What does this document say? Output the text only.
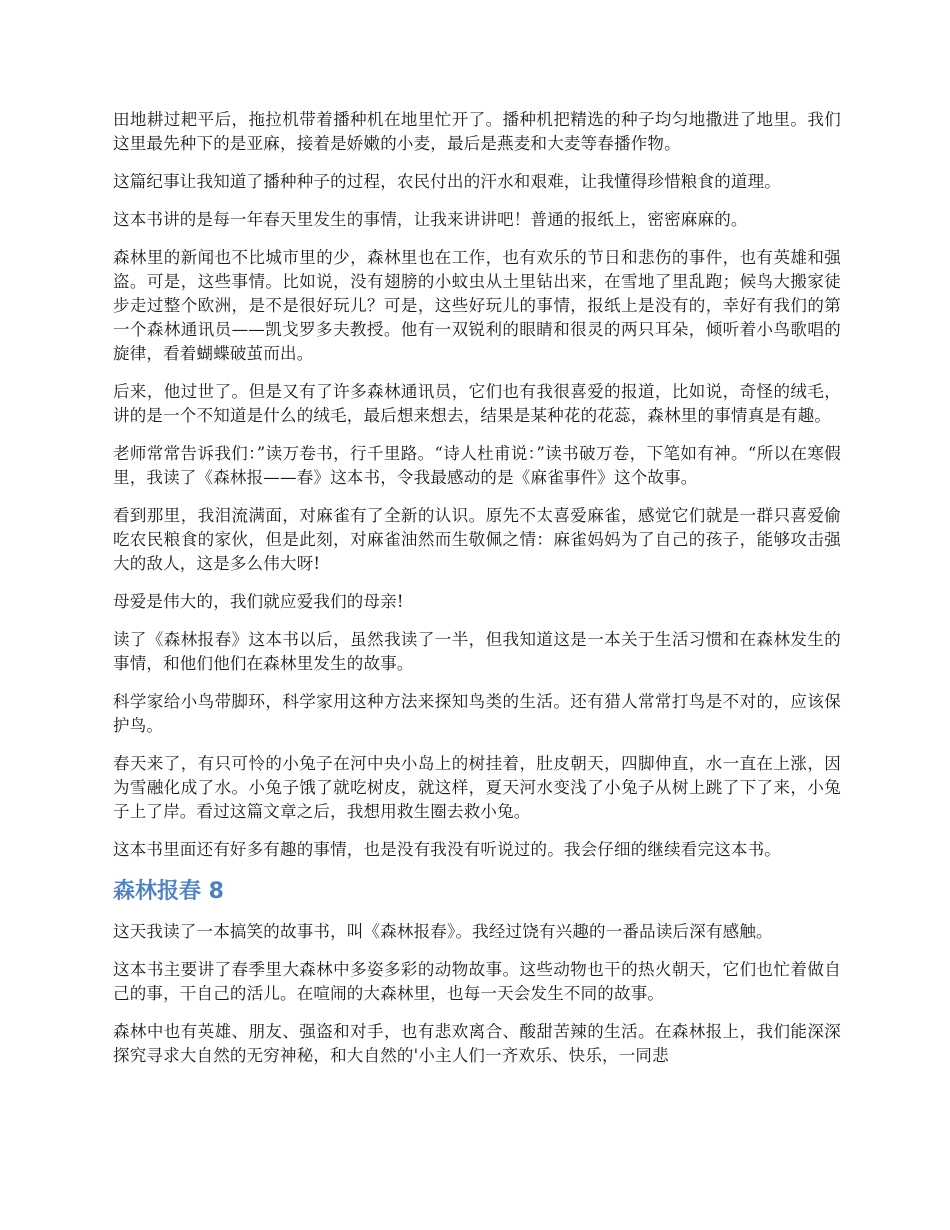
田地耕过耙平后，拖拉机带着播种机在地里忙开了。播种机把精选的种子均匀地撒进了地里。我们这里最先种下的是亚麻，接着是娇嫩的小麦，最后是燕麦和大麦等春播作物。

这篇纪事让我知道了播种种子的过程，农民付出的汗水和艰难，让我懂得珍惜粮食的道理。

这本书讲的是每一年春天里发生的事情，让我来讲讲吧！普通的报纸上，密密麻麻的。

森林里的新闻也不比城市里的少，森林里也在工作，也有欢乐的节日和悲伤的事件，也有英雄和强盗。可是，这些事情。比如说，没有翅膀的小蚊虫从土里钻出来，在雪地了里乱跑；候鸟大搬家徒步走过整个欧洲，是不是很好玩儿？可是，这些好玩儿的事情，报纸上是没有的，幸好有我们的第一个森林通讯员——凯戈罗多夫教授。他有一双锐利的眼睛和很灵的两只耳朵，倾听着小鸟歌唱的旋律，看着蝴蝶破茧而出。

后来，他过世了。但是又有了许多森林通讯员，它们也有我很喜爱的报道，比如说，奇怪的绒毛，讲的是一个不知道是什么的绒毛，最后想来想去，结果是某种花的花蕊，森林里的事情真是有趣。

老师常常告诉我们：”读万卷书，行千里路。“诗人杜甫说：”读书破万卷，下笔如有神。“所以在寒假里，我读了《森林报——春》这本书，令我最感动的是《麻雀事件》这个故事。

看到那里，我泪流满面，对麻雀有了全新的认识。原先不太喜爱麻雀，感觉它们就是一群只喜爱偷吃农民粮食的家伙，但是此刻，对麻雀油然而生敬佩之情：麻雀妈妈为了自己的孩子，能够攻击强大的敌人，这是多么伟大呀!

母爱是伟大的，我们就应爱我们的母亲!

读了《森林报春》这本书以后，虽然我读了一半，但我知道这是一本关于生活习惯和在森林发生的事情，和他们他们在森林里发生的故事。

科学家给小鸟带脚环，科学家用这种方法来探知鸟类的生活。还有猎人常常打鸟是不对的，应该保护鸟。

春天来了，有只可怜的小兔子在河中央小岛上的树挂着，肚皮朝天，四脚伸直，水一直在上涨，因为雪融化成了水。小兔子饿了就吃树皮，就这样，夏天河水变浅了小兔子从树上跳了下了来，小兔子上了岸。看过这篇文章之后，我想用救生圈去救小兔。

这本书里面还有好多有趣的事情，也是没有我没有听说过的。我会仔细的继续看完这本书。

森林报春 8

这天我读了一本搞笑的故事书，叫《森林报春》。我经过饶有兴趣的一番品读后深有感触。

这本书主要讲了春季里大森林中多姿多彩的动物故事。这些动物也干的热火朝天，它们也忙着做自己的事，干自己的活儿。在喧闹的大森林里，也每一天会发生不同的故事。

森林中也有英雄、朋友、强盗和对手，也有悲欢离合、酸甜苦辣的生活。在森林报上，我们能深深探究寻求大自然的无穷神秘，和大自然的'小主人们一齐欢乐、快乐，一同悲
